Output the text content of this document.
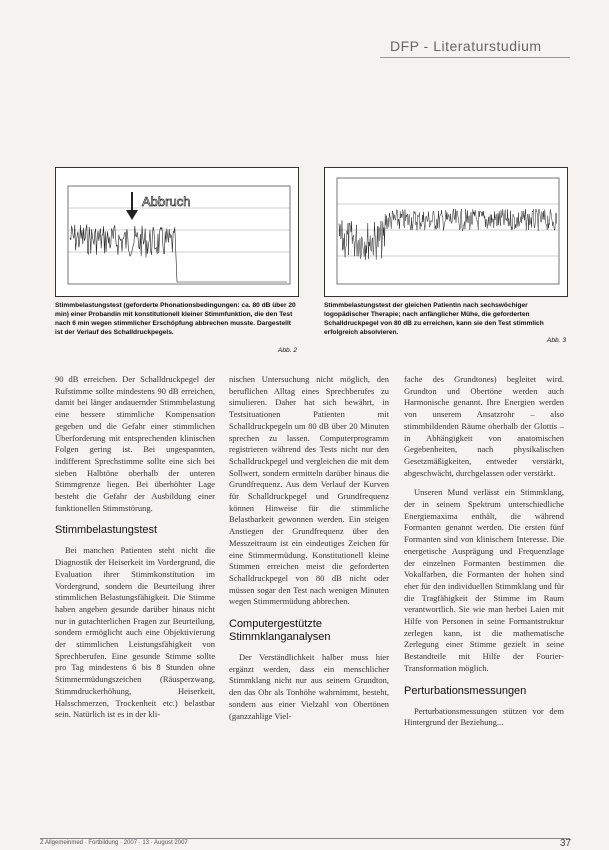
DFP - Literaturstudium
Abbruch
Stimmbelastungstest (geforderte Phonationsbedingungen: ca. 80 dB über 20 min) einer Probandin mit konstitutionell kleiner Stimmfunktion, die den Test nach 6 min wegen stimmlicher Erschöpfung abbrechen musste. Dargestellt ist der Verlauf des Schalldruckpegels.
Abb. 2
Stimmbelastungstest der gleichen Patientin nach sechswöchiger logopädischer Therapie; nach anfänglicher Mühe, die geforderten Schalldruckpegel von 80 dB zu erreichen, kann sie den Test stimmlich erfolgreich absolvieren.
Abb. 3

90 dB erreichen. Der Schalldruckpegel der Rufstimme sollte mindestens 90 dB erreichen, damit bei länger andauernder Stimmbelastung eine bessere stimmliche Kompensation gegeben und die Gefahr einer stimmlichen Überforderung mit entsprechenden klinischen Folgen gering ist. Bei ungespannten, indifferent Sprechstimme sollte eine sich bei sieben Halbtöne oberhalb der unteren Stimmgrenze liegen. Bei überhöhter Lage besteht die Gefahr der Ausbildung einer funktionellen Stimmstörung.

Stimmbelastungstest

Bei manchen Patienten steht nicht die Diagnostik der Heiserkeit im Vordergrund, die Evaluation ihrer Stimmkonstitution im Vordergrund, sondern die Beurteilung ihrer stimmlichen Belastungsfähigkeit. Die Stimme haben angeben gesunde darüber hinaus nicht nur in gutachterlichen Fragen zur Beurteilung, sondern ermöglicht auch eine Objektivierung der stimmlichen Leistungsfähigkeit von Sprechberufen. Eine gesunde Stimme sollte pro Tag mindestens 6 bis 8 Stunden ohne Stimmermüdungszeichen (Räusperzwang, Stimmdruckerhöhung, Heiserkeit, Halsschmerzen, Trockenheit etc.) belastbar sein. Natürlich ist es in der kli-

nischen Untersuchung nicht möglich, den beruflichen Alltag eines Sprechberufes zu simulieren. Daher hat sich bewährt, in Testsituationen Patienten mit Schalldruckpegeln um 80 dB über 20 Minuten sprechen zu lassen. Computerprogramm registrieren während des Tests nicht nur den Schalldruckpegel und vergleichen die mit dem Sollwert, sondern ermitteln darüber hinaus die Grundfrequenz. Aus dem Verlauf der Kurven für Schalldruckpegel und Grundfrequenz können Hinweise für die stimmliche Belastbarkeit gewonnen werden. Ein steigen Anstiegen der Grundfrequenz über den Messzeitraum ist ein eindeutiges Zeichen für eine Stimmermüdung. Konstitutionell kleine Stimmen erreichen meist die geforderten Schalldruckpegel von 80 dB nicht oder müssen sogar den Test nach wenigen Minuten wegen Stimmermüdung abbrechen.

Computergestützte Stimmklanganalysen

Der Verständlichkeit halber muss hier ergänzt werden, dass ein menschlicher Stimmklang nicht nur aus seinem Grundton, den das Ohr als Tonhöhe wahrnimmt, besteht, sondern aus einer Vielzahl von Obertönen (ganzzahlige Viel-

fache des Grundtones) begleitet wird. Grundton und Obertöne werden auch Harmonische genannt. Ihre Energien werden von unserem Ansatzrohr – also stimmbildenden Räume oberhalb der Glottis – in Abhängigkeit von anatomischen Gegebenheiten, nach physikalischen Gesetzmäßigkeiten, entweder verstärkt, abgeschwächt, durchgelassen oder verstärkt.

Unseren Mund verlässt ein Stimmklang, der in seinem Spektrum unterschiedliche Energiemaxima enthält, die während Formanten genannt werden. Die ersten fünf Formanten sind von klinischem Interesse. Die energetische Ausprägung und Frequenzlage der einzelnen Formanten bestimmen die Vokalfarben, die Formanten der hohen sind eher für den individuellen Stimmklang und für die Tragfähigkeit der Stimme im Raum verantwortlich. Sie wie man herbei Laien mit Hilfe von Personen in seine Formantstruktur zerlegen kann, ist die mathematische Zerlegung einer Stimme gezielt in seine Bestandteile mit Hilfe der Fourier-Transformation möglich.

Perturbationsmessungen

Perturbationsmessungen stützen vor dem Hintergrund der Beziehung...

Z Allgemeinmed · Fortbildung · 2007 · 13 · August 2007	37
